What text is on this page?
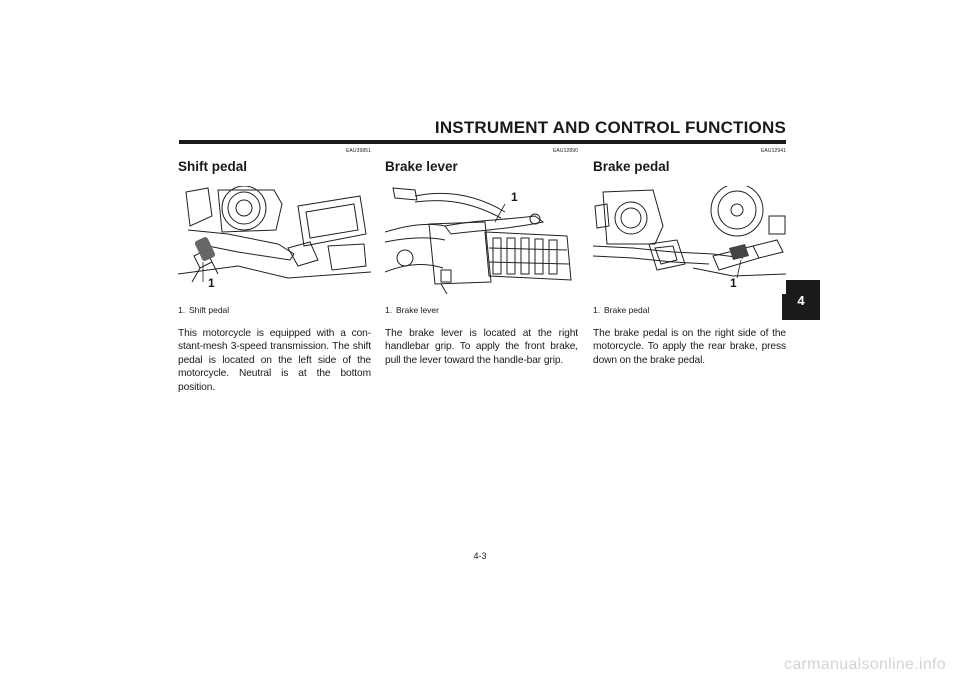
INSTRUMENT AND CONTROL FUNCTIONS
4
EAU39851
Shift pedal
1
1. Shift pedal
This motorcycle is equipped with a con-stant-mesh 3-speed transmission. The shift pedal is located on the left side of the motorcycle. Neutral is at the bottom position.
EAU12890
Brake lever
1
1. Brake lever
The brake lever is located at the right handlebar grip. To apply the front brake, pull the lever toward the handle-bar grip.
EAU12941
Brake pedal
1
1. Brake pedal
The brake pedal is on the right side of the motorcycle. To apply the rear brake, press down on the brake pedal.
4-3
carmanualsonline.info
